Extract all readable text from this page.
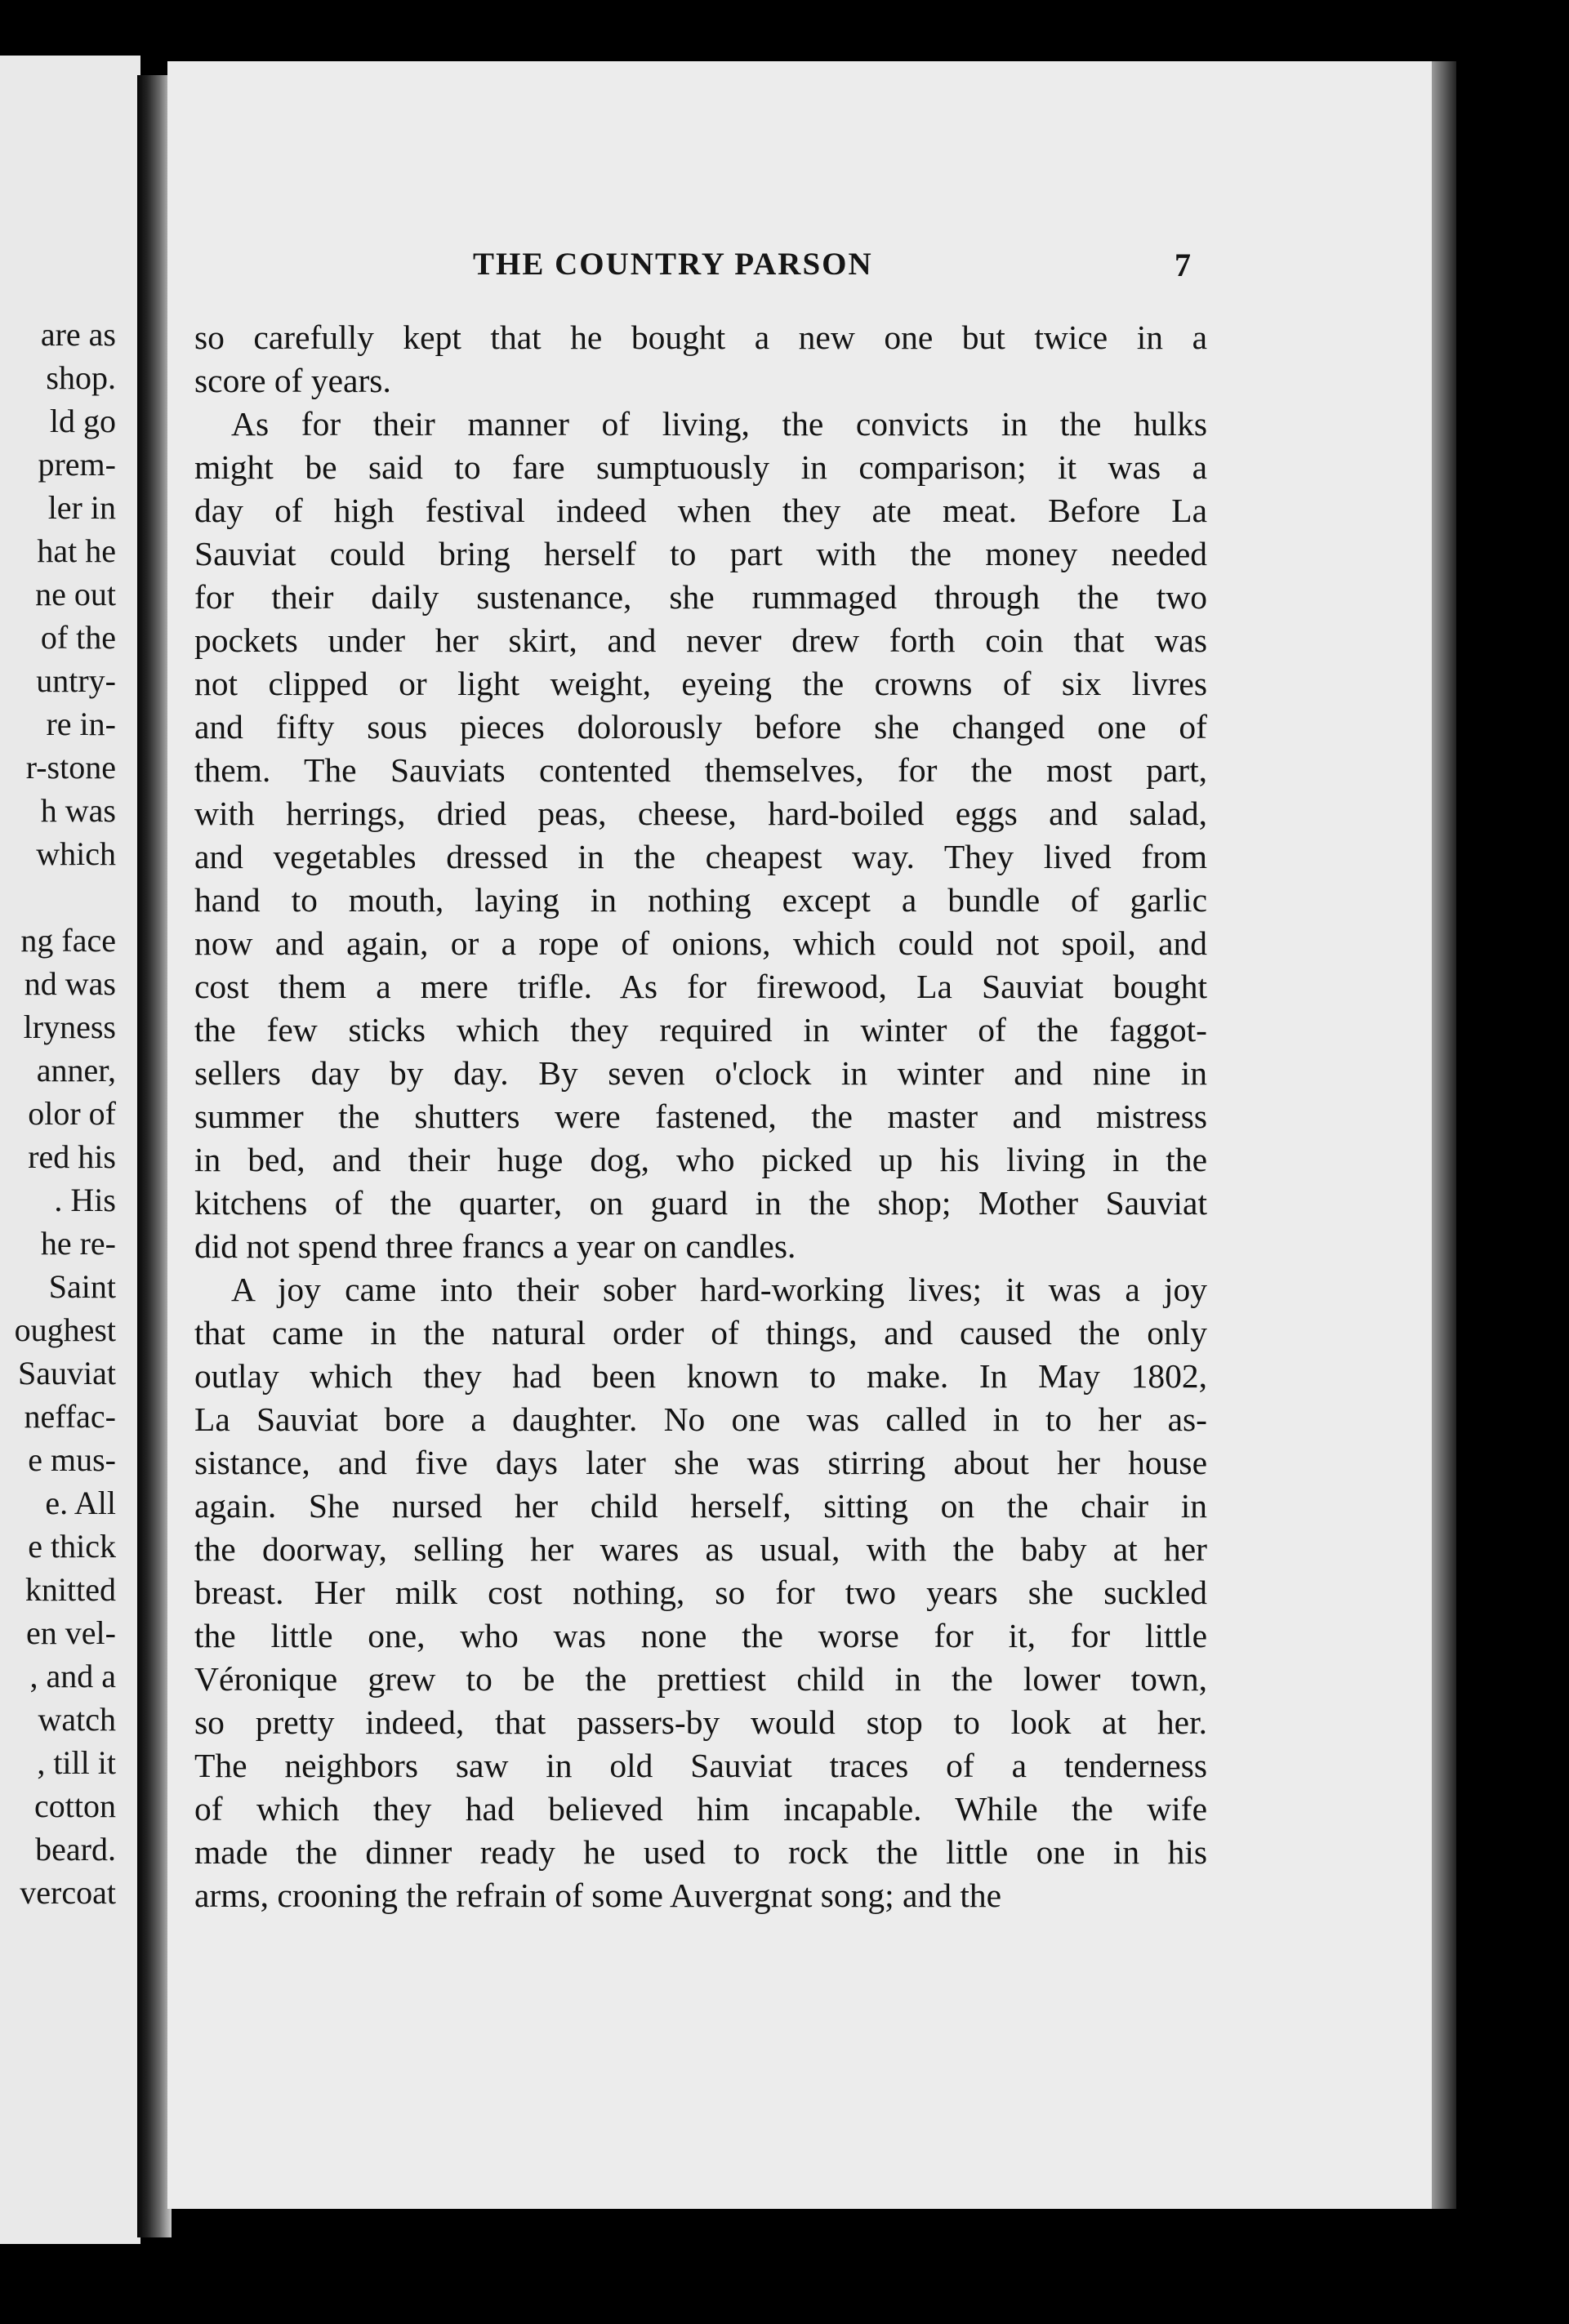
are as
shop.
ld go
prem-
ler in
hat he
ne out
of the
untry-
re in-
r-stone
h was
which
ng face
nd was
lryness
anner,
olor of
red his
. His
he re-
Saint
oughest
Sauviat
neffac-
e mus-
e. All
e thick
knitted
en vel-
, and a
watch
, till it
cotton
beard.
vercoat
THE COUNTRY PARSON	7
so carefully kept that he bought a new one but twice in a
score of years.
As for their manner of living, the convicts in the hulks
might be said to fare sumptuously in comparison; it was a
day of high festival indeed when they ate meat. Before La
Sauviat could bring herself to part with the money needed
for their daily sustenance, she rummaged through the two
pockets under her skirt, and never drew forth coin that was
not clipped or light weight, eyeing the crowns of six livres
and fifty sous pieces dolorously before she changed one of
them. The Sauviats contented themselves, for the most part,
with herrings, dried peas, cheese, hard-boiled eggs and salad,
and vegetables dressed in the cheapest way. They lived from
hand to mouth, laying in nothing except a bundle of garlic
now and again, or a rope of onions, which could not spoil, and
cost them a mere trifle. As for firewood, La Sauviat bought
the few sticks which they required in winter of the faggot-
sellers day by day. By seven o'clock in winter and nine in
summer the shutters were fastened, the master and mistress
in bed, and their huge dog, who picked up his living in the
kitchens of the quarter, on guard in the shop; Mother Sauviat
did not spend three francs a year on candles.
A joy came into their sober hard-working lives; it was a joy
that came in the natural order of things, and caused the only
outlay which they had been known to make. In May 1802,
La Sauviat bore a daughter. No one was called in to her as-
sistance, and five days later she was stirring about her house
again. She nursed her child herself, sitting on the chair in
the doorway, selling her wares as usual, with the baby at her
breast. Her milk cost nothing, so for two years she suckled
the little one, who was none the worse for it, for little
Véronique grew to be the prettiest child in the lower town,
so pretty indeed, that passers-by would stop to look at her.
The neighbors saw in old Sauviat traces of a tenderness
of which they had believed him incapable. While the wife
made the dinner ready he used to rock the little one in his
arms, crooning the refrain of some Auvergnat song; and the
